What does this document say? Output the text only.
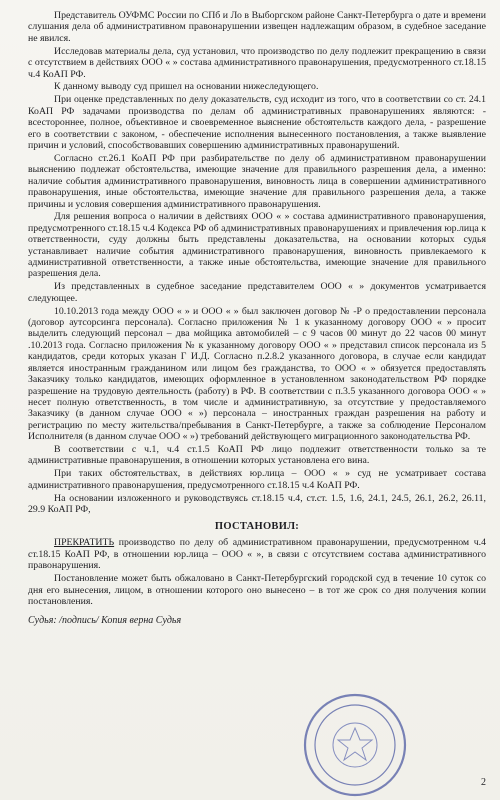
Представитель ОУФМС России по СПб и Ло в Выборгском районе Санкт-Петербурга о дате и времени слушания дела об административном правонарушении извещен надлежащим образом, в судебное заседание не явился.

Исследовав материалы дела, суд установил, что производство по делу подлежит прекращению в связи с отсутствием в действиях ООО « » состава административного правонарушения, предусмотренного ст.18.15 ч.4 КоАП РФ.

К данному выводу суд пришел на основании нижеследующего.

При оценке представленных по делу доказательств, суд исходит из того, что в соответствии со ст. 24.1 КоАП РФ задачами производства по делам об административных правонарушениях являются: - всестороннее, полное, объективное и своевременное выяснение обстоятельств каждого дела, - разрешение его в соответствии с законом, - обеспечение исполнения вынесенного постановления, а также выявление причин и условий, способствовавших совершению административных правонарушений.

Согласно ст.26.1 КоАП РФ при разбирательстве по делу об административном правонарушении выяснению подлежат обстоятельства, имеющие значение для правильного разрешения дела, а именно: наличие события административного правонарушения, виновность лица в совершении административного правонарушения, иные обстоятельства, имеющие значение для правильного разрешения дела, а также причины и условия совершения административного правонарушения.

Для решения вопроса о наличии в действиях ООО « » состава административного правонарушения, предусмотренного ст.18.15 ч.4 Кодекса РФ об административных правонарушениях и привлечения юр.лица к ответственности, суду должны быть представлены доказательства, на основании которых судья устанавливает наличие события административного правонарушения, виновность привлекаемого к административной ответственности, а также иные обстоятельства, имеющие значение для правильного разрешения дела.

Из представленных в судебное заседание представителем ООО « » документов усматривается следующее.

10.10.2013 года между ООО « » и ООО « » был заключен договор № -Р о предоставлении персонала (договор аутсорсинга персонала). Согласно приложения № 1 к указанному договору ООО « » просит выделить следующий персонал – два мойщика автомобилей – с 9 часов 00 минут до 22 часов 00 минут .10.2013 года. Согласно приложения № к указанному договору ООО « » представил список персонала из 5 кандидатов, среди которых указан Г И.Д. Согласно п.2.8.2 указанного договора, в случае если кандидат является иностранным гражданином или лицом без гражданства, то ООО « » обязуется предоставлять Заказчику только кандидатов, имеющих оформленное в установленном законодательством РФ порядке разрешение на трудовую деятельность (работу) в РФ. В соответствии с п.3.5 указанного договора ООО « » несет полную ответственность, в том числе и административную, за отсутствие у предоставляемого Заказчику (в данном случае ООО « ») персонала – иностранных граждан разрешения на работу и регистрацию по месту жительства/пребывания в Санкт-Петербурге, а также за соблюдение Персоналом Исполнителя (в данном случае ООО « ») требований действующего миграционного законодательства РФ.

В соответствии с ч.1, ч.4 ст.1.5 КоАП РФ лицо подлежит ответственности только за те административные правонарушения, в отношении которых установлена его вина.

При таких обстоятельствах, в действиях юр.лица – ООО « » суд не усматривает состава административного правонарушения, предусмотренного ст.18.15 ч.4 КоАП РФ.

На основании изложенного и руководствуясь ст.18.15 ч.4, ст.ст. 1.5, 1.6, 24.1, 24.5, 26.1, 26.2, 26.11, 29.9 КоАП РФ,

ПОСТАНОВИЛ:

ПРЕКРАТИТЬ производство по делу об административном правонарушении, предусмотренном ч.4 ст.18.15 КоАП РФ, в отношении юр.лица – ООО « », в связи с отсутствием состава административного правонарушения.

Постановление может быть обжаловано в Санкт-Петербургский городской суд в течение 10 суток со дня его вынесения, лицом, в отношении которого оно вынесено – в тот же срок со дня получения копии постановления.

Судья: /подпись/ Копия верна Судья

2
